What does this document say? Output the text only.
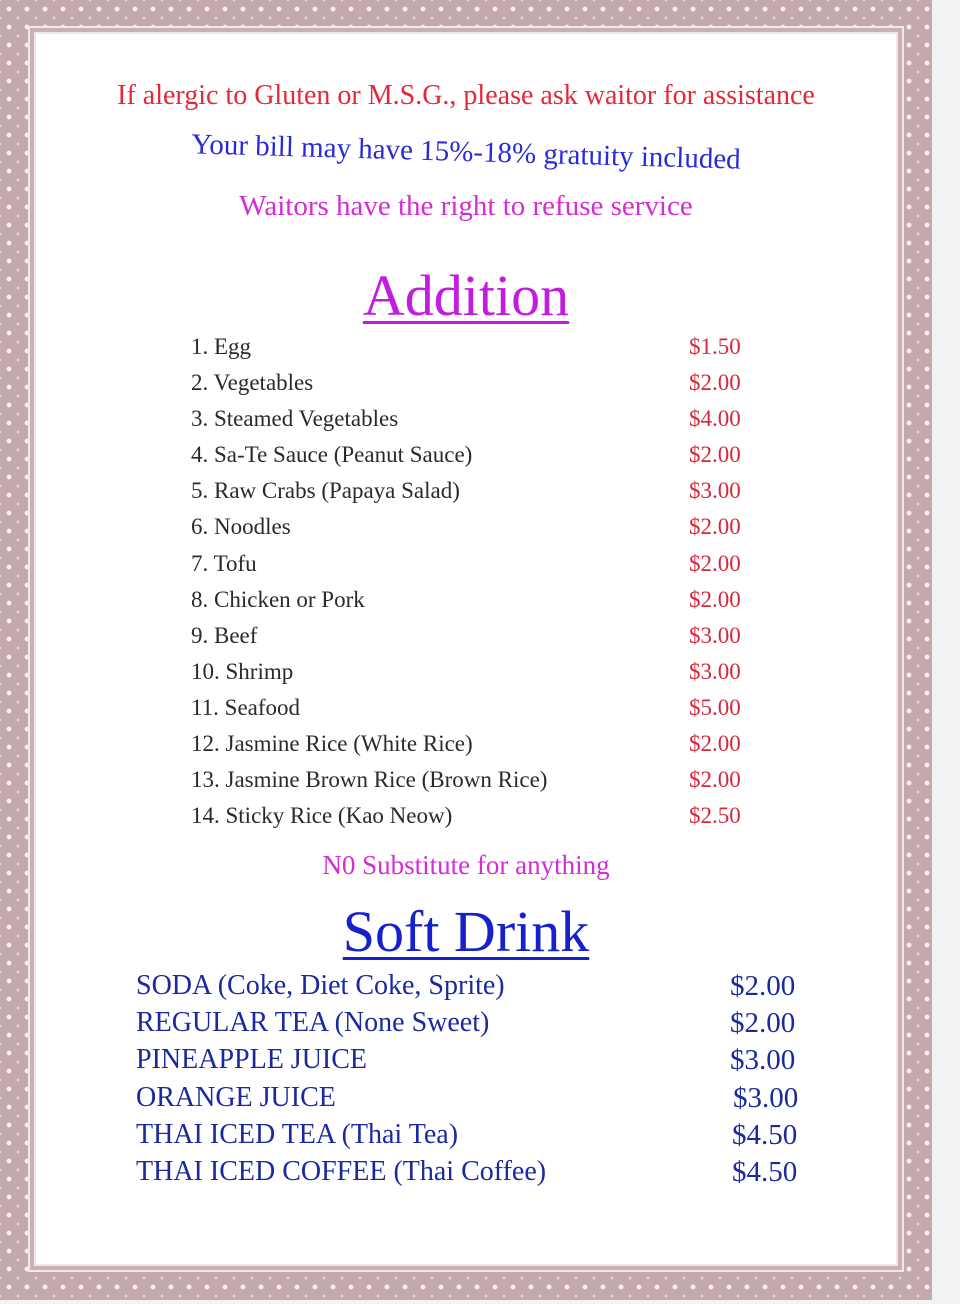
If alergic to Gluten or M.S.G., please ask waitor for assistance
Your bill may have 15%-18% gratuity included
Waitors have the right to refuse service
Addition
1. Egg	$1.50
2. Vegetables	$2.00
3. Steamed Vegetables	$4.00
4. Sa-Te Sauce (Peanut Sauce)	$2.00
5. Raw Crabs (Papaya Salad)	$3.00
6. Noodles	$2.00
7. Tofu	$2.00
8. Chicken or Pork	$2.00
9. Beef	$3.00
10. Shrimp	$3.00
11. Seafood	$5.00
12. Jasmine Rice (White Rice)	$2.00
13. Jasmine Brown Rice (Brown Rice)	$2.00
14. Sticky Rice (Kao Neow)	$2.50
N0 Substitute for anything
Soft Drink
SODA (Coke, Diet Coke, Sprite)	$2.00
REGULAR TEA (None Sweet)	$2.00
PINEAPPLE JUICE	$3.00
ORANGE JUICE	$3.00
THAI ICED TEA (Thai Tea)	$4.50
THAI ICED COFFEE (Thai Coffee)	$4.50
